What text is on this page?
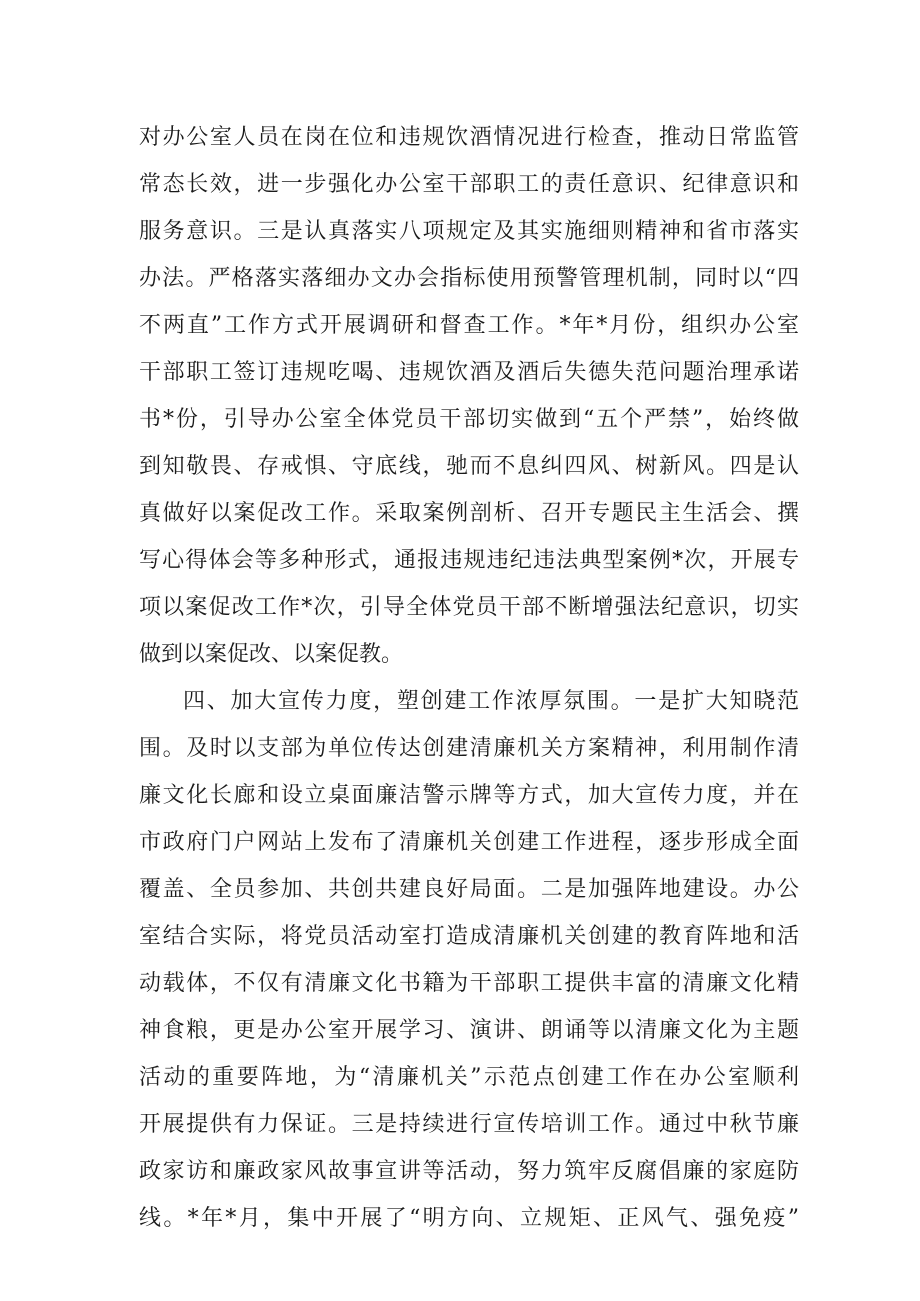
对办公室人员在岗在位和违规饮酒情况进行检查，推动日常监管
常态长效，进一步强化办公室干部职工的责任意识、纪律意识和
服务意识。三是认真落实八项规定及其实施细则精神和省市落实
办法。严格落实落细办文办会指标使用预警管理机制，同时以“四
不两直”工作方式开展调研和督查工作。*年*月份，组织办公室
干部职工签订违规吃喝、违规饮酒及酒后失德失范问题治理承诺
书*份，引导办公室全体党员干部切实做到“五个严禁”，始终做
到知敬畏、存戒惧、守底线，驰而不息纠四风、树新风。四是认
真做好以案促改工作。采取案例剖析、召开专题民主生活会、撰
写心得体会等多种形式，通报违规违纪违法典型案例*次，开展专
项以案促改工作*次，引导全体党员干部不断增强法纪意识，切实
做到以案促改、以案促教。
四、加大宣传力度，塑创建工作浓厚氛围。一是扩大知晓范
围。及时以支部为单位传达创建清廉机关方案精神，利用制作清
廉文化长廊和设立桌面廉洁警示牌等方式，加大宣传力度，并在
市政府门户网站上发布了清廉机关创建工作进程，逐步形成全面
覆盖、全员参加、共创共建良好局面。二是加强阵地建设。办公
室结合实际，将党员活动室打造成清廉机关创建的教育阵地和活
动载体，不仅有清廉文化书籍为干部职工提供丰富的清廉文化精
神食粮，更是办公室开展学习、演讲、朗诵等以清廉文化为主题
活动的重要阵地，为“清廉机关”示范点创建工作在办公室顺利
开展提供有力保证。三是持续进行宣传培训工作。通过中秋节廉
政家访和廉政家风故事宣讲等活动，努力筑牢反腐倡廉的家庭防
线。*年*月，集中开展了“明方向、立规矩、正风气、强免疫”
